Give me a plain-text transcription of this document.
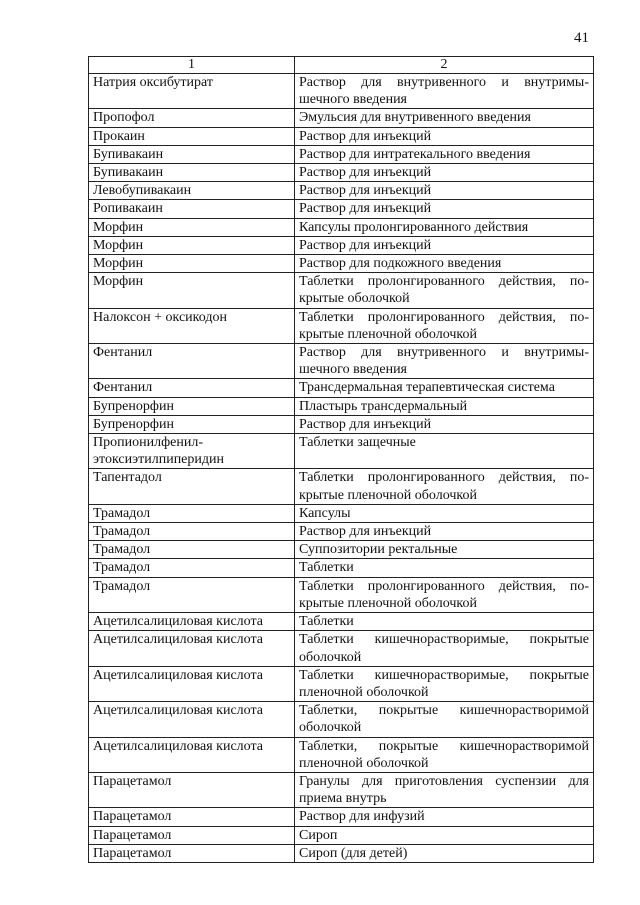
41
1	2
Натрия оксибутират	Раствор для внутривенного и внутримы-шечного введения
Пропофол	Эмульсия для внутривенного введения
Прокаин	Раствор для инъекций
Бупивакаин	Раствор для интратекального введения
Бупивакаин	Раствор для инъекций
Левобупивакаин	Раствор для инъекций
Ропивакаин	Раствор для инъекций
Морфин	Капсулы пролонгированного действия
Морфин	Раствор для инъекций
Морфин	Раствор для подкожного введения
Морфин	Таблетки пролонгированного действия, по-крытые оболочкой
Налоксон + оксикодон	Таблетки пролонгированного действия, по-крытые пленочной оболочкой
Фентанил	Раствор для внутривенного и внутримы-шечного введения
Фентанил	Трансдермальная терапевтическая система
Бупренорфин	Пластырь трансдермальный
Бупренорфин	Раствор для инъекций
Пропионилфенил-этоксиэтилпиперидин	Таблетки защечные
Тапентадол	Таблетки пролонгированного действия, по-крытые пленочной оболочкой
Трамадол	Капсулы
Трамадол	Раствор для инъекций
Трамадол	Суппозитории ректальные
Трамадол	Таблетки
Трамадол	Таблетки пролонгированного действия, по-крытые пленочной оболочкой
Ацетилсалициловая кислота	Таблетки
Ацетилсалициловая кислота	Таблетки кишечнорастворимые, покрытые оболочкой
Ацетилсалициловая кислота	Таблетки кишечнорастворимые, покрытые пленочной оболочкой
Ацетилсалициловая кислота	Таблетки, покрытые кишечнорастворимой оболочкой
Ацетилсалициловая кислота	Таблетки, покрытые кишечнорастворимой пленочной оболочкой
Парацетамол	Гранулы для приготовления суспензии для приема внутрь
Парацетамол	Раствор для инфузий
Парацетамол	Сироп
Парацетамол	Сироп (для детей)
